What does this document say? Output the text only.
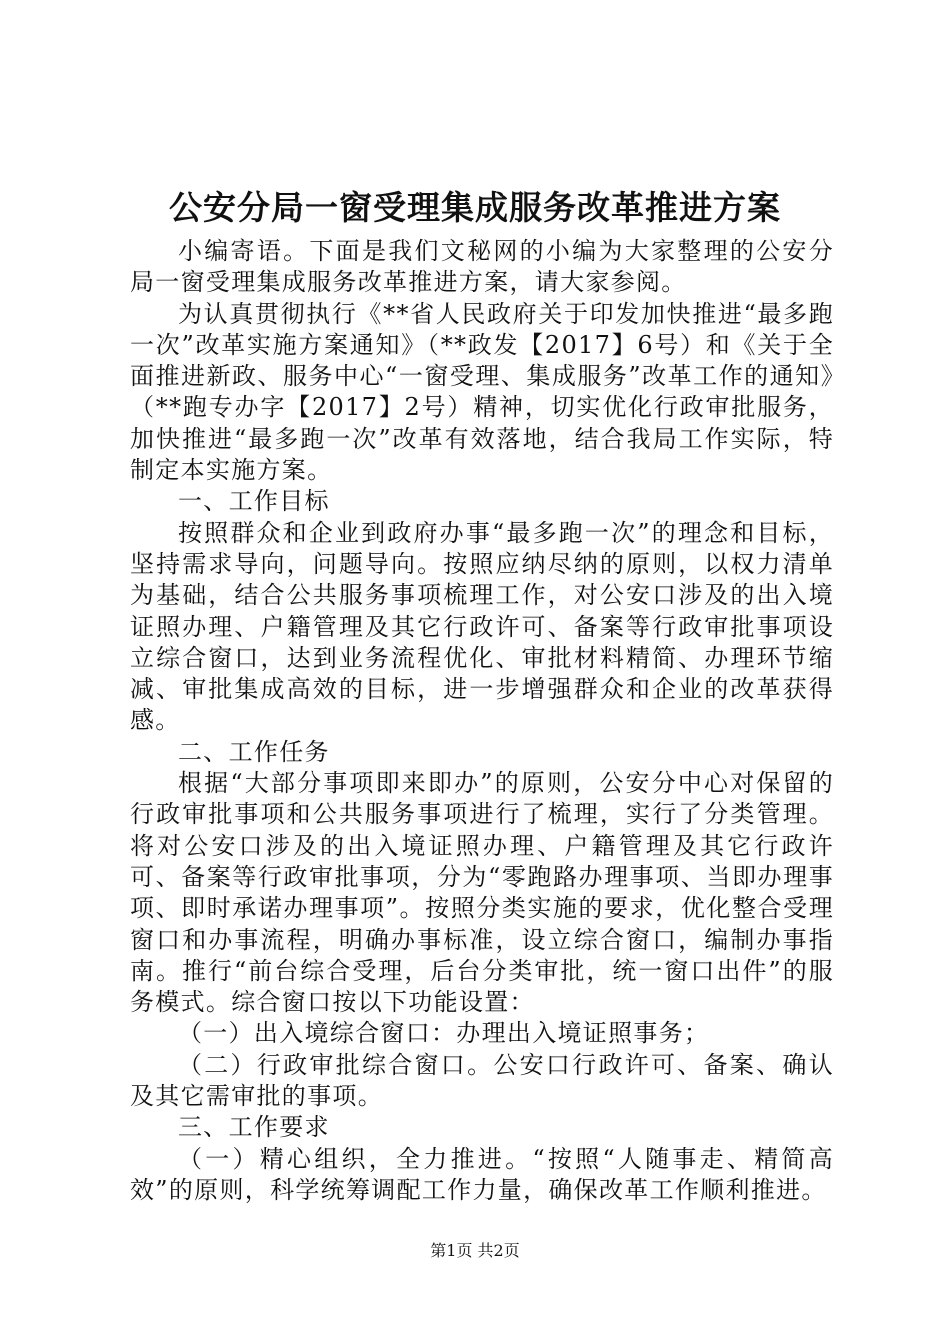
公安分局一窗受理集成服务改革推进方案

小编寄语。下面是我们文秘网的小编为大家整理的公安分局一窗受理集成服务改革推进方案，请大家参阅。

为认真贯彻执行《**省人民政府关于印发加快推进“最多跑一次”改革实施方案通知》（**政发【2017】6号）和《关于全面推进新政、服务中心“一窗受理、集成服务”改革工作的通知》（**跑专办字【2017】2号）精神，切实优化行政审批服务，加快推进“最多跑一次”改革有效落地，结合我局工作实际，特制定本实施方案。

一、工作目标

按照群众和企业到政府办事“最多跑一次”的理念和目标，坚持需求导向，问题导向。按照应纳尽纳的原则，以权力清单为基础，结合公共服务事项梳理工作，对公安口涉及的出入境证照办理、户籍管理及其它行政许可、备案等行政审批事项设立综合窗口，达到业务流程优化、审批材料精简、办理环节缩减、审批集成高效的目标，进一步增强群众和企业的改革获得感。

二、工作任务

根据“大部分事项即来即办”的原则，公安分中心对保留的行政审批事项和公共服务事项进行了梳理，实行了分类管理。将对公安口涉及的出入境证照办理、户籍管理及其它行政许可、备案等行政审批事项，分为“零跑路办理事项、当即办理事项、即时承诺办理事项”。按照分类实施的要求，优化整合受理窗口和办事流程，明确办事标准，设立综合窗口，编制办事指南。推行“前台综合受理，后台分类审批，统一窗口出件”的服务模式。综合窗口按以下功能设置：

（一）出入境综合窗口：办理出入境证照事务；

（二）行政审批综合窗口。公安口行政许可、备案、确认及其它需审批的事项。

三、工作要求

（一）精心组织，全力推进。“按照“人随事走、精简高效”的原则，科学统筹调配工作力量，确保改革工作顺利推进。

第1页 共2页
